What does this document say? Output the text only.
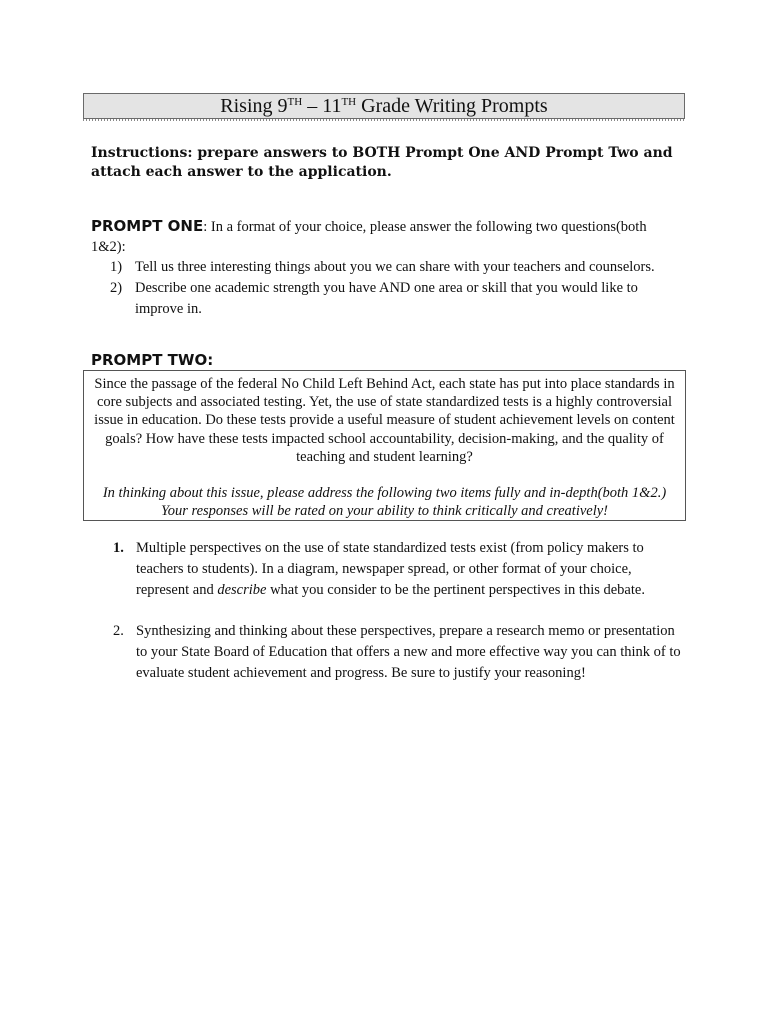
Rising 9TH – 11TH Grade Writing Prompts
Instructions: prepare answers to BOTH Prompt One AND Prompt Two and attach each answer to the application.
PROMPT ONE: In a format of your choice, please answer the following two questions(both 1&2):
1) Tell us three interesting things about you we can share with your teachers and counselors.
2) Describe one academic strength you have AND one area or skill that you would like to improve in.
PROMPT TWO:
Since the passage of the federal No Child Left Behind Act, each state has put into place standards in core subjects and associated testing. Yet, the use of state standardized tests is a highly controversial issue in education. Do these tests provide a useful measure of student achievement levels on content goals? How have these tests impacted school accountability, decision-making, and the quality of teaching and student learning?
In thinking about this issue, please address the following two items fully and in-depth(both 1&2.) Your responses will be rated on your ability to think critically and creatively!
1. Multiple perspectives on the use of state standardized tests exist (from policy makers to teachers to students). In a diagram, newspaper spread, or other format of your choice, represent and describe what you consider to be the pertinent perspectives in this debate.
2. Synthesizing and thinking about these perspectives, prepare a research memo or presentation to your State Board of Education that offers a new and more effective way you can think of to evaluate student achievement and progress. Be sure to justify your reasoning!
